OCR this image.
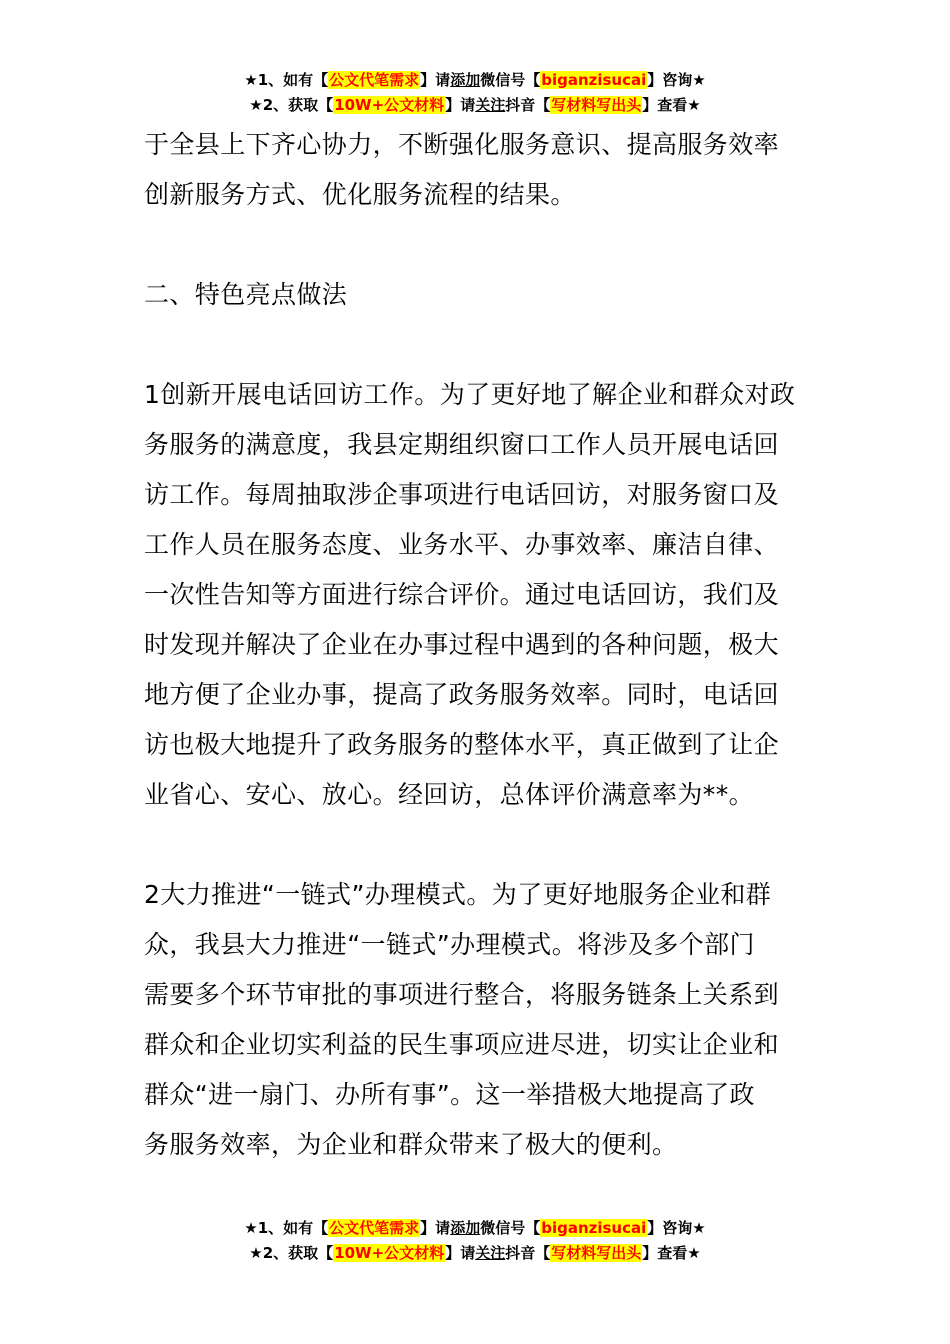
★1、如有【公文代笔需求】请添加微信号【biganzisucai】咨询★
★2、获取【10W+公文材料】请关注抖音【写材料写出头】查看★

于全县上下齐心协力，不断强化服务意识、提高服务效率

创新服务方式、优化服务流程的结果。

二、特色亮点做法

1创新开展电话回访工作。为了更好地了解企业和群众对政

务服务的满意度，我县定期组织窗口工作人员开展电话回

访工作。每周抽取涉企事项进行电话回访，对服务窗口及

工作人员在服务态度、业务水平、办事效率、廉洁自律、

一次性告知等方面进行综合评价。通过电话回访，我们及

时发现并解决了企业在办事过程中遇到的各种问题，极大

地方便了企业办事，提高了政务服务效率。同时，电话回

访也极大地提升了政务服务的整体水平，真正做到了让企

业省心、安心、放心。经回访，总体评价满意率为**。

2大力推进“一链式”办理模式。为了更好地服务企业和群

众，我县大力推进“一链式”办理模式。将涉及多个部门

需要多个环节审批的事项进行整合，将服务链条上关系到

群众和企业切实利益的民生事项应进尽进，切实让企业和

群众“进一扇门、办所有事”。这一举措极大地提高了政

务服务效率，为企业和群众带来了极大的便利。

★1、如有【公文代笔需求】请添加微信号【biganzisucai】咨询★
★2、获取【10W+公文材料】请关注抖音【写材料写出头】查看★
